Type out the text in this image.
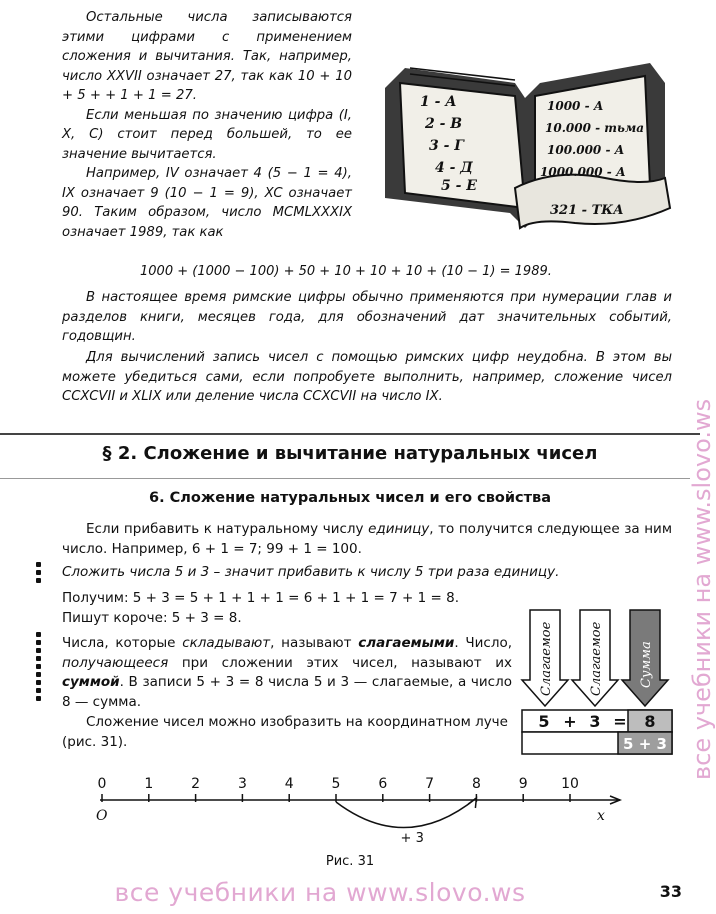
Остальные числа записываются этими цифрами с применением сложения и вычитания. Так, например, число XXVII означает 27, так как 10 + 10 + 5 + + 1 + 1 = 27.

Если меньшая по значению цифра (I, X, C) стоит перед большей, то ее значение вычитается.

Например, IV означает 4 (5 − 1 = 4), IX означает 9 (10 − 1 = 9), XC означает 90. Таким образом, число MCMLXXXIX означает 1989, так как

1 - А
2 - В
3 - Г
4 - Д
5 - Е
1000 - А
10.000 - тьма
100.000 - А
1000.000 - А
321 - ТКА
1000 + (1000 − 100) + 50 + 10 + 10 + 10 + (10 − 1) = 1989.
В настоящее время римские цифры обычно применяются при нумерации глав и разделов книги, месяцев года, для обозначений дат значительных событий, годовщин.
Для вычислений запись чисел с помощью римских цифр неудобна. В этом вы можете убедиться сами, если попробуете выполнить, например, сложение чисел CCXCVII и XLIX или деление числа CCXCVII на число IX.
§ 2. Сложение и вычитание натуральных чисел
6. Сложение натуральных чисел и его свойства
Если прибавить к натуральному числу единицу, то получится следующее за ним число. Например, 6 + 1 = 7; 99 + 1 = 100.
Сложить числа 5 и 3 – значит прибавить к числу 5 три раза единицу.
Получим: 5 + 3 = 5 + 1 + 1 + 1 = 6 + 1 + 1 = 7 + 1 = 8.
Пишут короче: 5 + 3 = 8.
Числа, которые складывают, называют слагаемыми. Число, получающееся при сложении этих чисел, называют их суммой. В записи 5 + 3 = 8 числа 5 и 3 — слагаемые, а число 8 — сумма.
Сложение чисел можно изобразить на координатном луче (рис. 31).
Слагаемое	Слагаемое	Сумма
5 + 3 = 8
5 + 3
0	1	2	3	4	5	6	7	8	9 10
O	x
+ 3
Рис. 31
все учебники на www.slovo.ws	33
все учебники на www.slovo.ws
